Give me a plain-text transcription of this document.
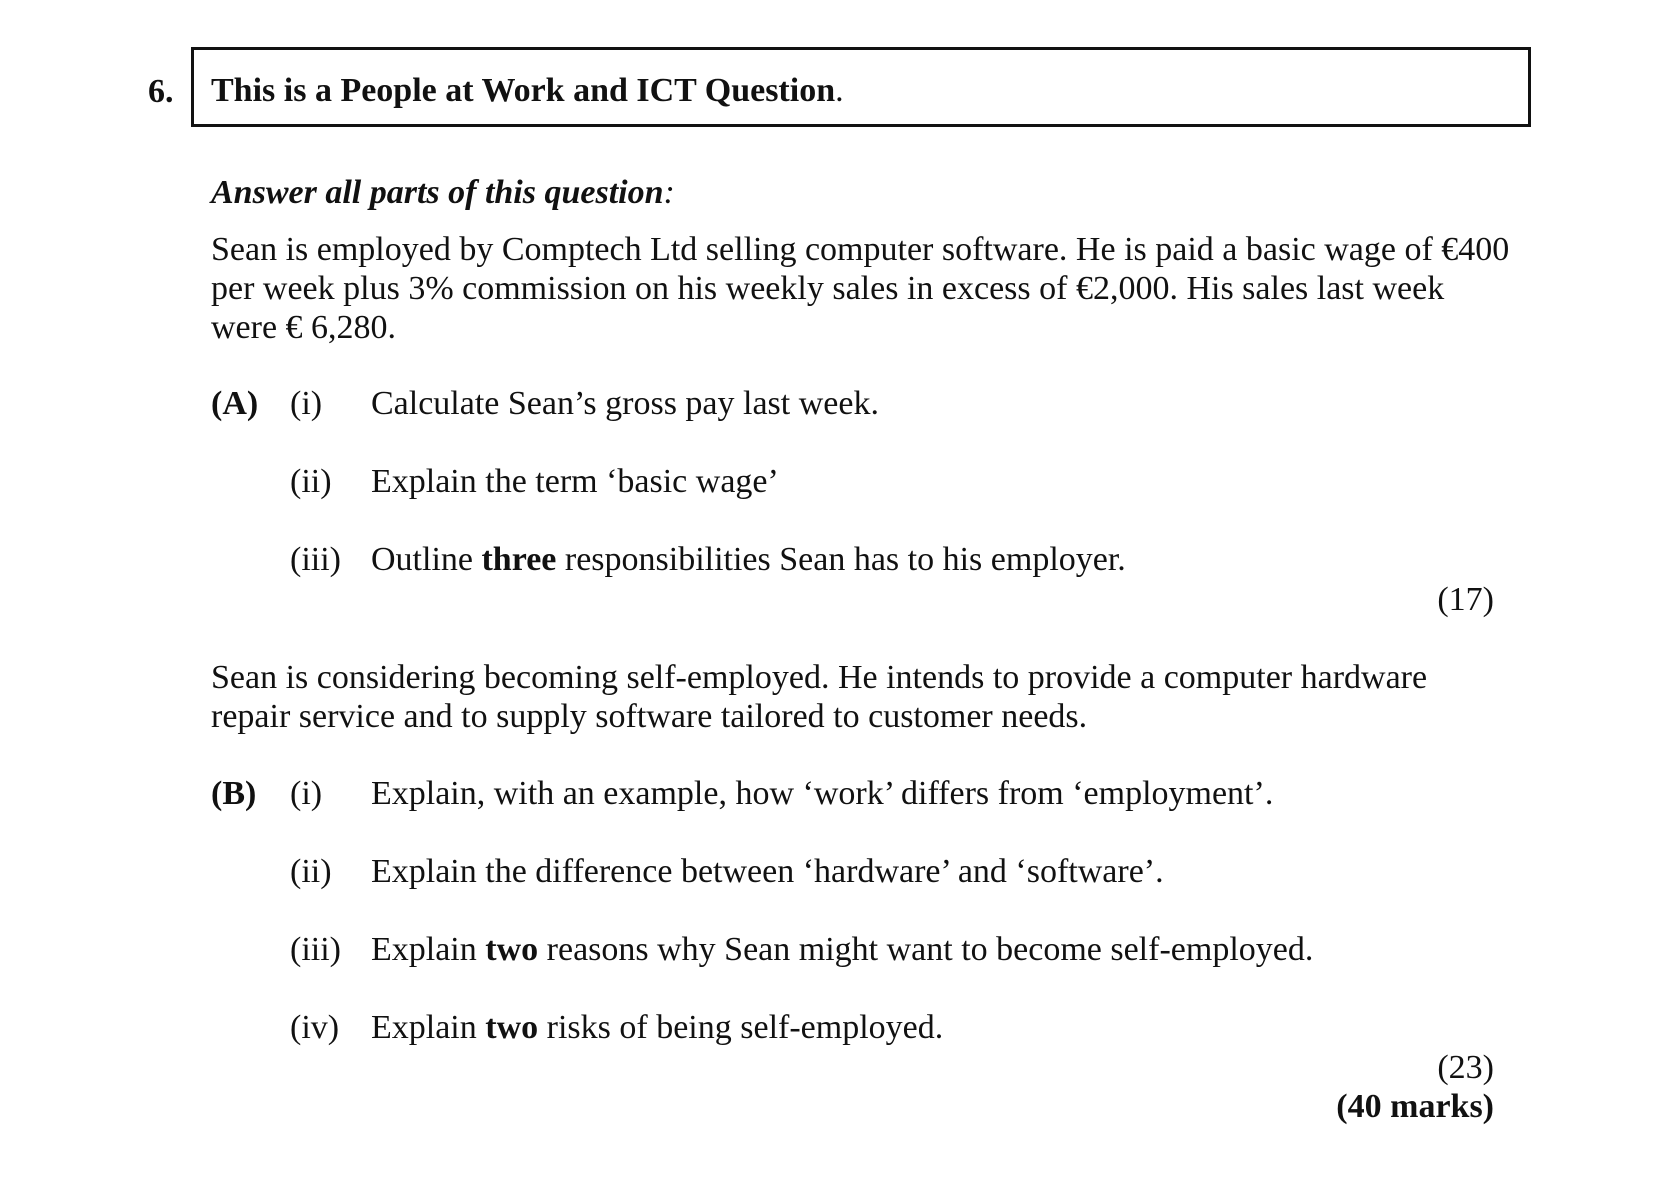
6. This is a People at Work and ICT Question.
Answer all parts of this question:
Sean is employed by Comptech Ltd selling computer software. He is paid a basic wage of €400
per week plus 3% commission on his weekly sales in excess of €2,000. His sales last week
were € 6,280.
(A) (i) Calculate Sean’s gross pay last week.
(ii) Explain the term ‘basic wage’
(iii) Outline three responsibilities Sean has to his employer.
(17)
Sean is considering becoming self-employed. He intends to provide a computer hardware
repair service and to supply software tailored to customer needs.
(B) (i) Explain, with an example, how ‘work’ differs from ‘employment’.
(ii) Explain the difference between ‘hardware’ and ‘software’.
(iii) Explain two reasons why Sean might want to become self-employed.
(iv) Explain two risks of being self-employed.
(23)
(40 marks)
